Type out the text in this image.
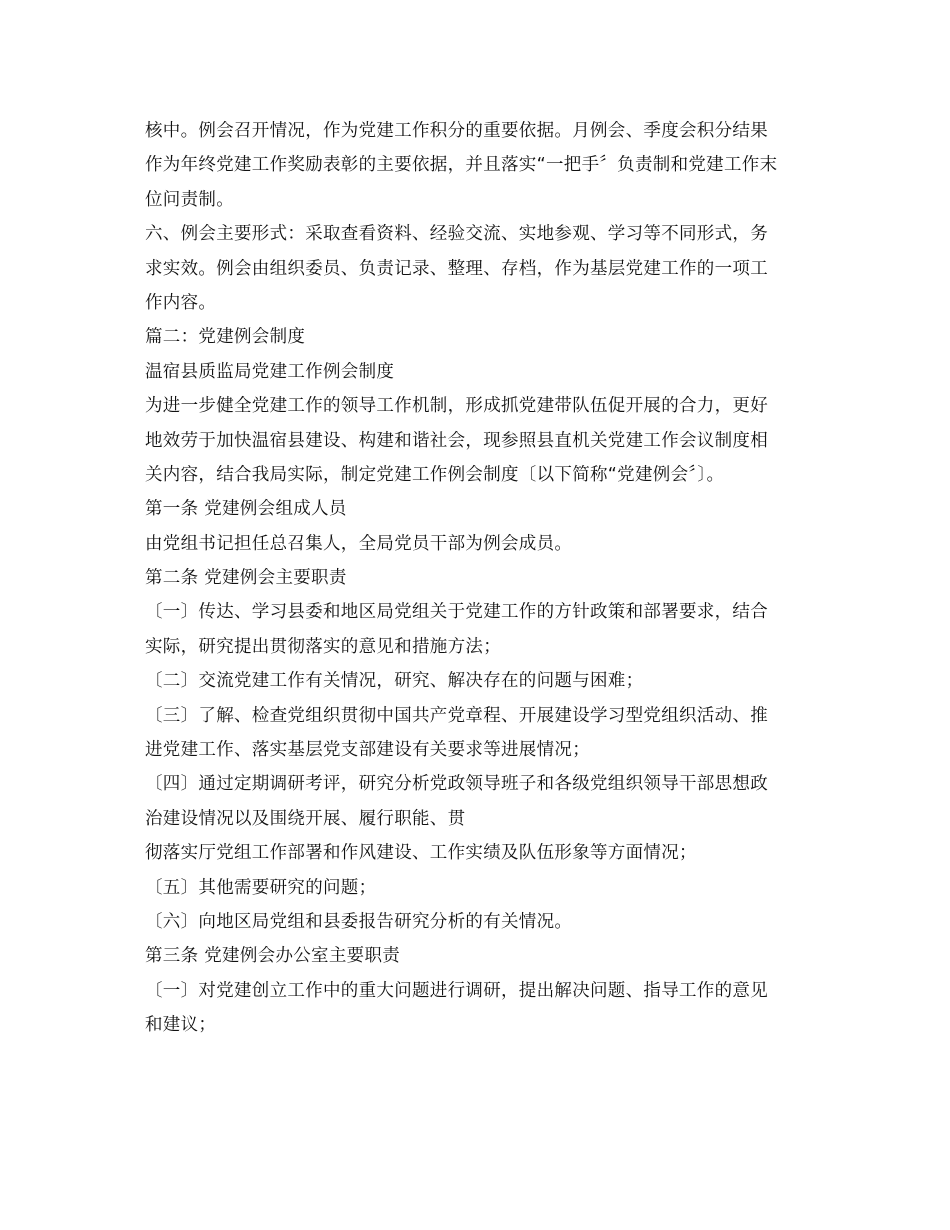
核中。例会召开情况，作为党建工作积分的重要依据。月例会、季度会积分结果
作为年终党建工作奖励表彰的主要依据，并且落实“一把手〞负责制和党建工作末
位问责制。
六、例会主要形式：采取查看资料、经验交流、实地参观、学习等不同形式，务
求实效。例会由组织委员、负责记录、整理、存档，作为基层党建工作的一项工
作内容。
篇二：党建例会制度
温宿县质监局党建工作例会制度
为进一步健全党建工作的领导工作机制，形成抓党建带队伍促开展的合力，更好
地效劳于加快温宿县建设、构建和谐社会，现参照县直机关党建工作会议制度相
关内容，结合我局实际，制定党建工作例会制度〔以下简称“党建例会〞〕。
第一条 党建例会组成人员
由党组书记担任总召集人，全局党员干部为例会成员。
第二条 党建例会主要职责
〔一〕传达、学习县委和地区局党组关于党建工作的方针政策和部署要求，结合
实际，研究提出贯彻落实的意见和措施方法；
〔二〕交流党建工作有关情况，研究、解决存在的问题与困难；
〔三〕了解、检查党组织贯彻中国共产党章程、开展建设学习型党组织活动、推
进党建工作、落实基层党支部建设有关要求等进展情况；
〔四〕通过定期调研考评，研究分析党政领导班子和各级党组织领导干部思想政
治建设情况以及围绕开展、履行职能、贯
彻落实厅党组工作部署和作风建设、工作实绩及队伍形象等方面情况；
〔五〕其他需要研究的问题；
〔六〕向地区局党组和县委报告研究分析的有关情况。
第三条 党建例会办公室主要职责
〔一〕对党建创立工作中的重大问题进行调研，提出解决问题、指导工作的意见
和建议；
